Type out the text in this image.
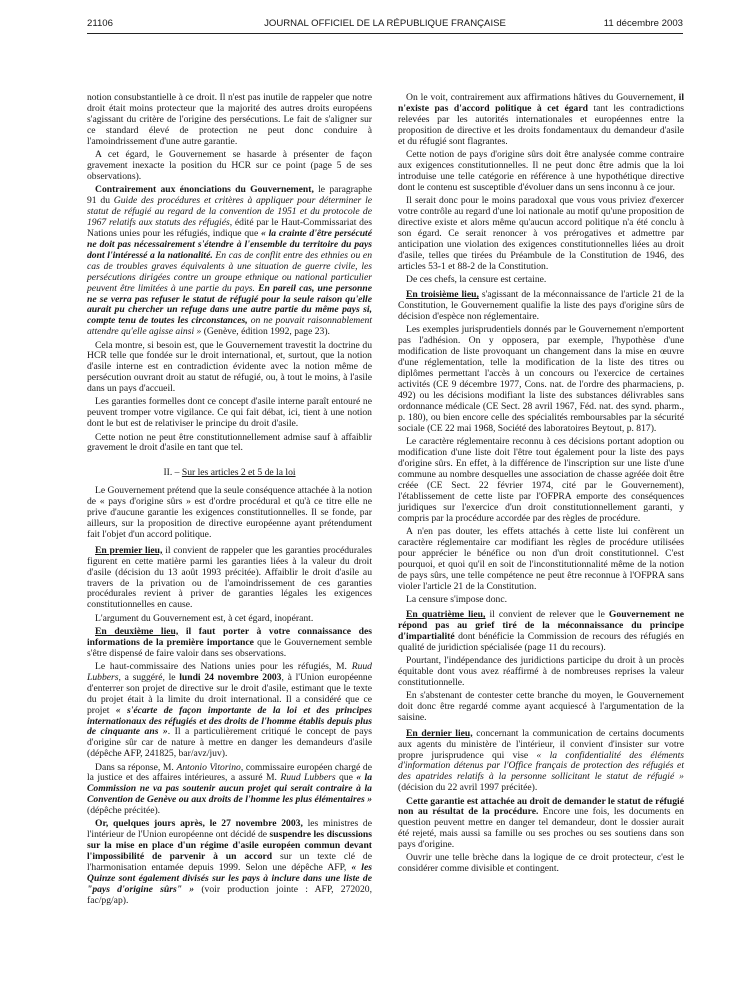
21106	JOURNAL OFFICIEL DE LA RÉPUBLIQUE FRANÇAISE	11 décembre 2003

notion consubstantielle à ce droit. Il n'est pas inutile de rappeler que notre droit était moins protecteur que la majorité des autres droits européens s'agissant du critère de l'origine des persécutions. Le fait de s'aligner sur ce standard élevé de protection ne peut donc conduire à l'amoindrissement d'une autre garantie.

A cet égard, le Gouvernement se hasarde à présenter de façon gravement inexacte la position du HCR sur ce point (page 5 de ses observations).

Contrairement aux énonciations du Gouvernement, le paragraphe 91 du Guide des procédures et critères à appliquer pour déterminer le statut de réfugié au regard de la convention de 1951 et du protocole de 1967 relatifs aux statuts des réfugiés, édité par le Haut-Commissariat des Nations unies pour les réfugiés, indique que « la crainte d'être persécuté ne doit pas nécessairement s'étendre à l'ensemble du territoire du pays dont l'intéressé a la nationalité. En cas de conflit entre des ethnies ou en cas de troubles graves équivalents à une situation de guerre civile, les persécutions dirigées contre un groupe ethnique ou national particulier peuvent être limitées à une partie du pays. En pareil cas, une personne ne se verra pas refuser le statut de réfugié pour la seule raison qu'elle aurait pu chercher un refuge dans une autre partie du même pays si, compte tenu de toutes les circonstances, on ne pouvait raisonnablement attendre qu'elle agisse ainsi » (Genève, édition 1992, page 23).

Cela montre, si besoin est, que le Gouvernement travestit la doctrine du HCR telle que fondée sur le droit international, et, surtout, que la notion d'asile interne est en contradiction évidente avec la notion même de persécution ouvrant droit au statut de réfugié, ou, à tout le moins, à l'asile dans un pays d'accueil.

Les garanties formelles dont ce concept d'asile interne paraît entouré ne peuvent tromper votre vigilance. Ce qui fait débat, ici, tient à une notion dont le but est de relativiser le principe du droit d'asile.

Cette notion ne peut être constitutionnellement admise sauf à affaiblir gravement le droit d'asile en tant que tel.

II. – Sur les articles 2 et 5 de la loi

Le Gouvernement prétend que la seule conséquence attachée à la notion de « pays d'origine sûrs » est d'ordre procédural et qu'à ce titre elle ne prive d'aucune garantie les exigences constitutionnelles. Il se fonde, par ailleurs, sur la proposition de directive européenne ayant prétendument fait l'objet d'un accord politique.

En premier lieu, il convient de rappeler que les garanties procédurales figurent en cette matière parmi les garanties liées à la valeur du droit d'asile (décision du 13 août 1993 précitée). Affaiblir le droit d'asile au travers de la privation ou de l'amoindrissement de ces garanties procédurales revient à priver de garanties légales les exigences constitutionnelles en cause.

L'argument du Gouvernement est, à cet égard, inopérant.

En deuxième lieu, il faut porter à votre connaissance des informations de la première importance que le Gouvernement semble s'être dispensé de faire valoir dans ses observations.

Le haut-commissaire des Nations unies pour les réfugiés, M. Ruud Lubbers, a suggéré, le lundi 24 novembre 2003, à l'Union européenne d'enterrer son projet de directive sur le droit d'asile, estimant que le texte du projet était à la limite du droit international. Il a considéré que ce projet « s'écarte de façon importante de la loi et des principes internationaux des réfugiés et des droits de l'homme établis depuis plus de cinquante ans ». Il a particulièrement critiqué le concept de pays d'origine sûr car de nature à mettre en danger les demandeurs d'asile (dépêche AFP, 241825, bar/avz/juv).

Dans sa réponse, M. Antonio Vitorino, commissaire européen chargé de la justice et des affaires intérieures, a assuré M. Ruud Lubbers que « la Commission ne va pas soutenir aucun projet qui serait contraire à la Convention de Genève ou aux droits de l'homme les plus élémentaires » (dépêche précitée).

Or, quelques jours après, le 27 novembre 2003, les ministres de l'intérieur de l'Union européenne ont décidé de suspendre les discussions sur la mise en place d'un régime d'asile européen commun devant l'impossibilité de parvenir à un accord sur un texte clé de l'harmonisation entamée depuis 1999. Selon une dépêche AFP, « les Quinze sont également divisés sur les pays à inclure dans une liste de "pays d'origine sûrs" » (voir production jointe : AFP, 272020, fac/pg/ap).

On le voit, contrairement aux affirmations hâtives du Gouvernement, il n'existe pas d'accord politique à cet égard tant les contradictions relevées par les autorités internationales et européennes entre la proposition de directive et les droits fondamentaux du demandeur d'asile et du réfugié sont flagrantes.

Cette notion de pays d'origine sûrs doit être analysée comme contraire aux exigences constitutionnelles. Il ne peut donc être admis que la loi introduise une telle catégorie en référence à une hypothétique directive dont le contenu est susceptible d'évoluer dans un sens inconnu à ce jour.

Il serait donc pour le moins paradoxal que vous vous priviez d'exercer votre contrôle au regard d'une loi nationale au motif qu'une proposition de directive existe et alors même qu'aucun accord politique n'a été conclu à son égard. Ce serait renoncer à vos prérogatives et admettre par anticipation une violation des exigences constitutionnelles liées au droit d'asile, telles que tirées du Préambule de la Constitution de 1946, des articles 53-1 et 88-2 de la Constitution.

De ces chefs, la censure est certaine.

En troisième lieu, s'agissant de la méconnaissance de l'article 21 de la Constitution, le Gouvernement qualifie la liste des pays d'origine sûrs de décision d'espèce non réglementaire.

Les exemples jurisprudentiels donnés par le Gouvernement n'emportent pas l'adhésion. On y opposera, par exemple, l'hypothèse d'une modification de liste provoquant un changement dans la mise en œuvre d'une réglementation, telle la modification de la liste des titres ou diplômes permettant l'accès à un concours ou l'exercice de certaines activités (CE 9 décembre 1977, Cons. nat. de l'ordre des pharmaciens, p. 492) ou les décisions modifiant la liste des substances délivrables sans ordonnance médicale (CE Sect. 28 avril 1967, Féd. nat. des synd. pharm., p. 180), ou bien encore celle des spécialités remboursables par la sécurité sociale (CE 22 mai 1968, Société des laboratoires Beytout, p. 817).

Le caractère réglementaire reconnu à ces décisions portant adoption ou modification d'une liste doit l'être tout également pour la liste des pays d'origine sûrs. En effet, à la différence de l'inscription sur une liste d'une commune au nombre desquelles une association de chasse agréée doit être créée (CE Sect. 22 février 1974, cité par le Gouvernement), l'établissement de cette liste par l'OFPRA emporte des conséquences juridiques sur l'exercice d'un droit constitutionnellement garanti, y compris par la procédure accordée par des règles de procédure.

A n'en pas douter, les effets attachés à cette liste lui confèrent un caractère réglementaire car modifiant les règles de procédure utilisées pour apprécier le bénéfice ou non d'un droit constitutionnel. C'est pourquoi, et quoi qu'il en soit de l'inconstitutionnalité même de la notion de pays sûrs, une telle compétence ne peut être reconnue à l'OFPRA sans violer l'article 21 de la Constitution.

La censure s'impose donc.

En quatrième lieu, il convient de relever que le Gouvernement ne répond pas au grief tiré de la méconnaissance du principe d'impartialité dont bénéficie la Commission de recours des réfugiés en qualité de juridiction spécialisée (page 11 du recours).

Pourtant, l'indépendance des juridictions participe du droit à un procès équitable dont vous avez réaffirmé à de nombreuses reprises la valeur constitutionnelle.

En s'abstenant de contester cette branche du moyen, le Gouvernement doit donc être regardé comme ayant acquiescé à l'argumentation de la saisine.

En dernier lieu, concernant la communication de certains documents aux agents du ministère de l'intérieur, il convient d'insister sur votre propre jurisprudence qui vise « la confidentialité des éléments d'information détenus par l'Office français de protection des réfugiés et des apatrides relatifs à la personne sollicitant le statut de réfugié » (décision du 22 avril 1997 précitée).

Cette garantie est attachée au droit de demander le statut de réfugié non au résultat de la procédure. Encore une fois, les documents en question peuvent mettre en danger tel demandeur, dont le dossier aurait été rejeté, mais aussi sa famille ou ses proches ou ses soutiens dans son pays d'origine.

Ouvrir une telle brèche dans la logique de ce droit protecteur, c'est le considérer comme divisible et contingent.
